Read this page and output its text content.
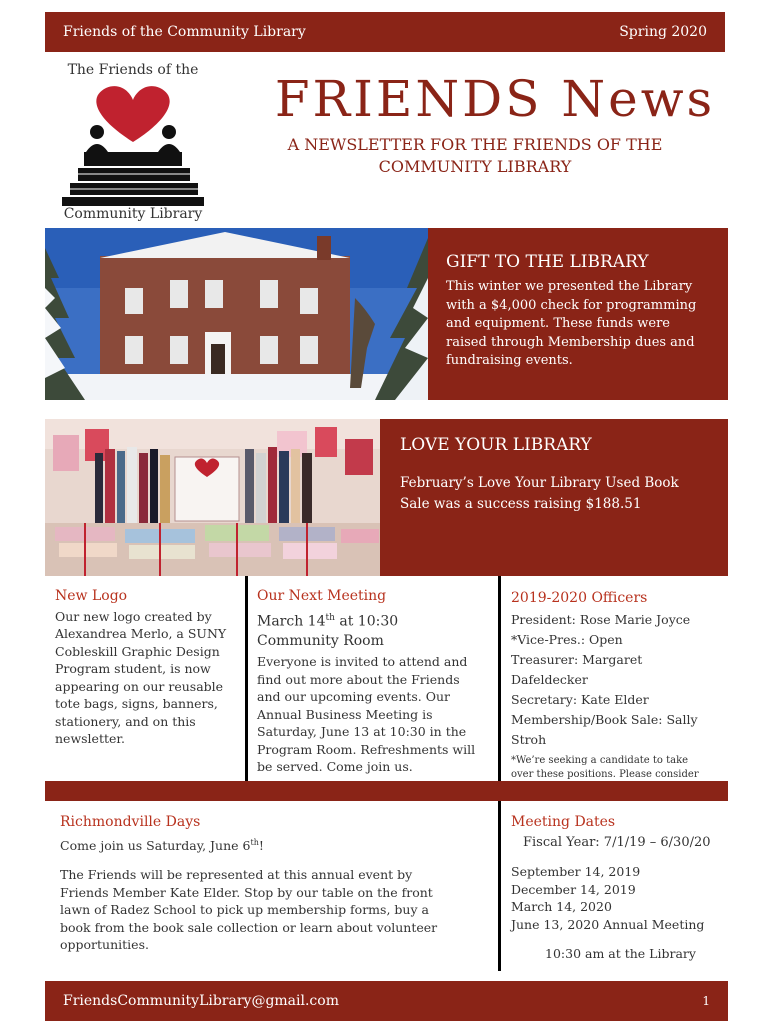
Friends of the Community Library	Spring 2020
The Friends of the
Community Library
FRIENDS News
A NEWSLETTER FOR THE FRIENDS OF THE COMMUNITY LIBRARY
GIFT TO THE LIBRARY
This winter we presented the Library with a $4,000 check for programming and equipment. These funds were raised through Membership dues and fundraising events.
LOVE YOUR LIBRARY
February’s Love Your Library Used Book Sale was a success raising $188.51
New Logo
Our new logo created by Alexandrea Merlo, a SUNY Cobleskill Graphic Design Program student, is now appearing on our reusable tote bags, signs, banners, stationery, and on this newsletter.
Our Next Meeting
March 14th at 10:30
Community Room
Everyone is invited to attend and find out more about the Friends and our upcoming events. Our Annual Business Meeting is Saturday, June 13 at 10:30 in the Program Room. Refreshments will be served. Come join us.
2019-2020 Officers
President: Rose Marie Joyce
*Vice-Pres.: Open
Treasurer: Margaret Dafeldecker
Secretary: Kate Elder
Membership/Book Sale: Sally Stroh
*We’re seeking a candidate to take over these positions. Please consider
Richmondville Days
Come join us Saturday, June 6th!
The Friends will be represented at this annual event by Friends Member Kate Elder. Stop by our table on the front lawn of Radez School to pick up membership forms, buy a book from the book sale collection or learn about volunteer opportunities.
Meeting Dates
Fiscal Year: 7/1/19 – 6/30/20
September 14, 2019
December 14, 2019
March 14, 2020
June 13, 2020 Annual Meeting
10:30 am at the Library
FriendsCommunityLibrary@gmail.com	1
